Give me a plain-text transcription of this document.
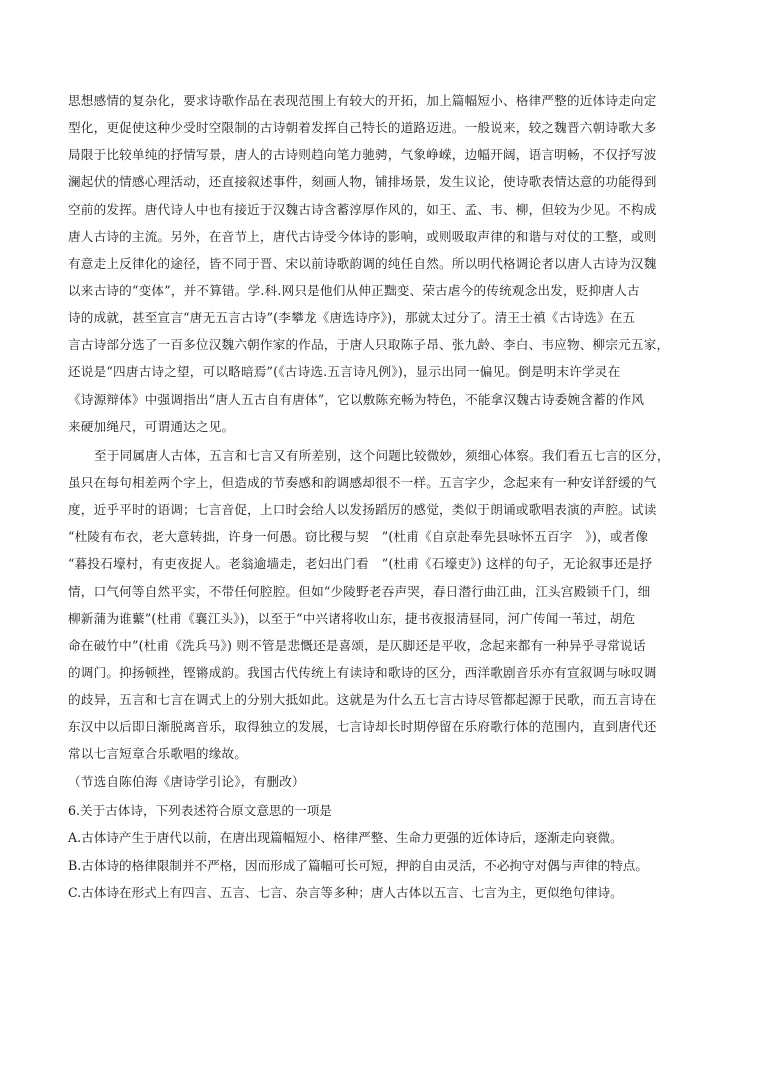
思想感情的复杂化，要求诗歌作品在表现范围上有较大的开拓，加上篇幅短小、格律严整的近体诗走向定
型化，更促使这种少受时空限制的古诗朝着发挥自己特长的道路迈进。一般说来，较之魏晋六朝诗歌大多
局限于比较单纯的抒情写景，唐人的古诗则趋向笔力驰骋，气象峥嵘，边幅开阔，语言明畅，不仅抒写波
澜起伏的情感心理活动，还直接叙述事件，刻画人物，铺排场景，发生议论，使诗歌表情达意的功能得到
空前的发挥。唐代诗人中也有接近于汉魏古诗含蓄淳厚作风的，如王、孟、韦、柳，但较为少见。不构成
唐人古诗的主流。另外，在音节上，唐代古诗受今体诗的影响，或则吸取声律的和谐与对仗的工整，或则
有意走上反律化的途径，皆不同于晋、宋以前诗歌韵调的纯任自然。所以明代格调论者以唐人古诗为汉魏
以来古诗的“变体”，并不算错。学.科.网只是他们从伸正黜变、荣古虐今的传统观念出发，贬抑唐人古
诗的成就，甚至宣言“唐无五言古诗”(李攀龙《唐选诗序》)，那就太过分了。清王士禛《古诗选》在五
言古诗部分选了一百多位汉魏六朝作家的作品，于唐人只取陈子昂、张九龄、李白、韦应物、柳宗元五家，
还说是“四唐古诗之望，可以略暗焉”(《古诗选.五言诗凡例》)，显示出同一偏见。倒是明末许学灵在
《诗源辩体》中强调指出“唐人五古自有唐体”，它以敷陈充畅为特色，不能拿汉魏古诗委婉含蓄的作风
来硬加绳尺，可谓通达之见。
至于同属唐人古体，五言和七言又有所差别，这个问题比较微妙，须细心体察。我们看五七言的区分，
虽只在每句相差两个字上，但造成的节奏感和韵调感却很不一样。五言字少，念起来有一种安详舒缓的气
度，近乎平时的语调；七言音促，上口时会给人以发扬蹈厉的感觉，类似于朗诵或歌唱表演的声腔。试读
“杜陵有布衣，老大意转拙，许身一何愚。窃比稷与契　”(杜甫《自京赴奉先县咏怀五百字　》)，或者像
“暮投石壕村，有吏夜捉人。老翁逾墙走，老妇出门看　”(杜甫《石壕吏》) 这样的句子，无论叙事还是抒
情，口气何等自然平实，不带任何腔腔。但如“少陵野老吞声哭，春日潜行曲江曲，江头宫殿锁千门，细
柳新蒲为谁蘩”(杜甫《襄江头》)，以至于“中兴诸将收山东，捷书夜报清昼同，河广传闻一苇过，胡危
命在破竹中”(杜甫《洗兵马》) 则不管是悲慨还是喜颂，是仄脚还是平收，念起来都有一种异乎寻常说话
的调门。抑扬顿挫，铿锵成韵。我国古代传统上有读诗和歌诗的区分，西洋歌剧音乐亦有宣叙调与咏叹调
的歧异，五言和七言在调式上的分别大抵如此。这就是为什么五七言古诗尽管都起源于民歌，而五言诗在
东汉中以后即日渐脱离音乐，取得独立的发展，七言诗却长时期停留在乐府歌行体的范围内，直到唐代还
常以七言短章合乐歌唱的缘故。
（节选自陈伯海《唐诗学引论》，有删改）
6.关于古体诗，下列表述符合原文意思的一项是
A.古体诗产生于唐代以前，在唐出现篇幅短小、格律严整、生命力更强的近体诗后，逐渐走向衰微。
B.古体诗的格律限制并不严格，因而形成了篇幅可长可短，押韵自由灵活，不必拘守对偶与声律的特点。
C.古体诗在形式上有四言、五言、七言、杂言等多种；唐人古体以五言、七言为主，更似绝句律诗。
